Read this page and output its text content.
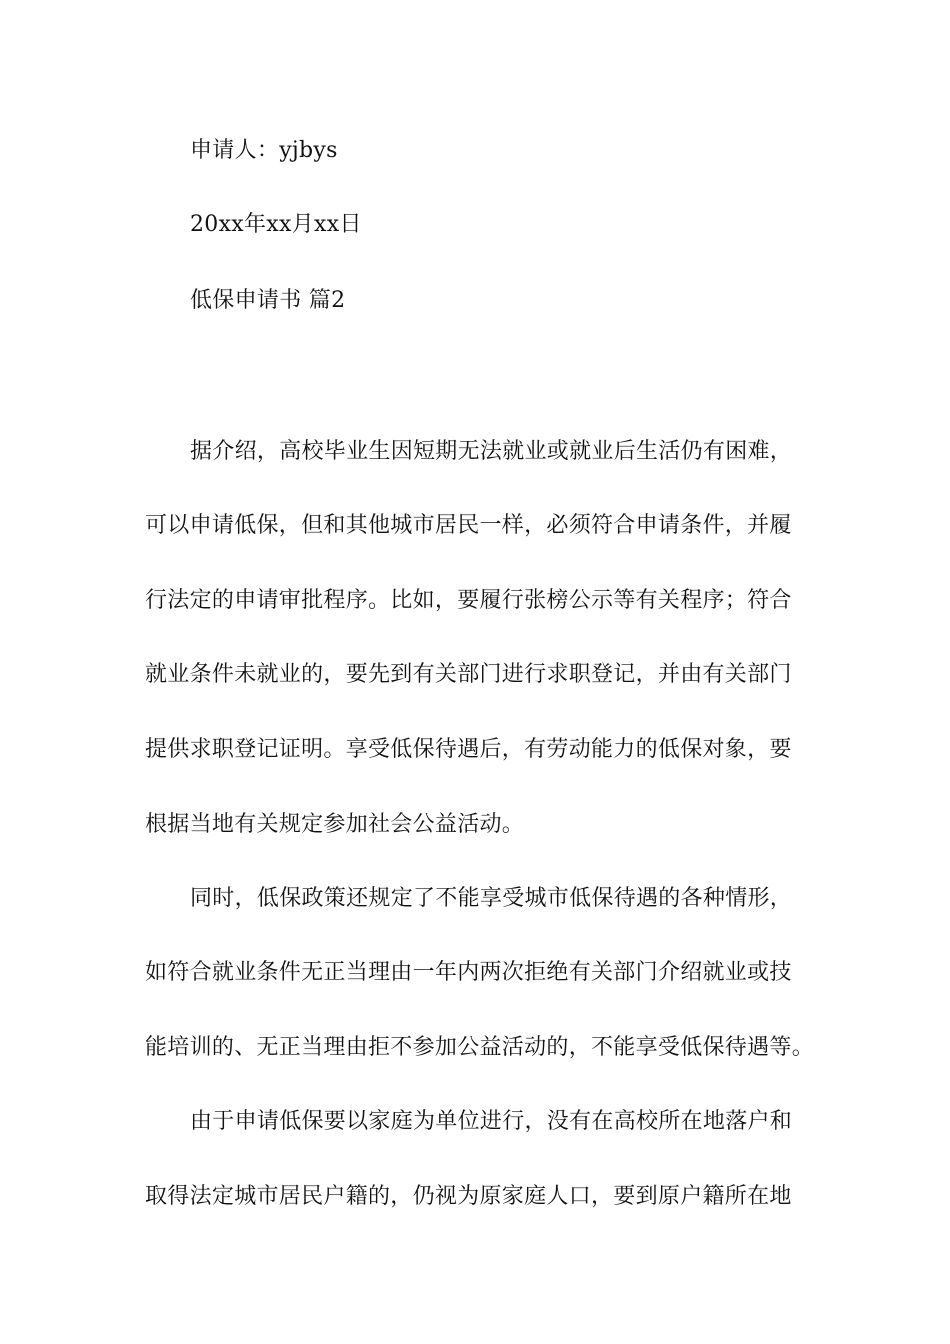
申请人：yjbys
20xx年xx月xx日
低保申请书 篇2
据介绍，高校毕业生因短期无法就业或就业后生活仍有困难，
可以申请低保，但和其他城市居民一样，必须符合申请条件，并履
行法定的申请审批程序。比如，要履行张榜公示等有关程序；符合
就业条件未就业的，要先到有关部门进行求职登记，并由有关部门
提供求职登记证明。享受低保待遇后，有劳动能力的低保对象，要
根据当地有关规定参加社会公益活动。
同时，低保政策还规定了不能享受城市低保待遇的各种情形，
如符合就业条件无正当理由一年内两次拒绝有关部门介绍就业或技
能培训的、无正当理由拒不参加公益活动的，不能享受低保待遇等。
由于申请低保要以家庭为单位进行，没有在高校所在地落户和
取得法定城市居民户籍的，仍视为原家庭人口，要到原户籍所在地
